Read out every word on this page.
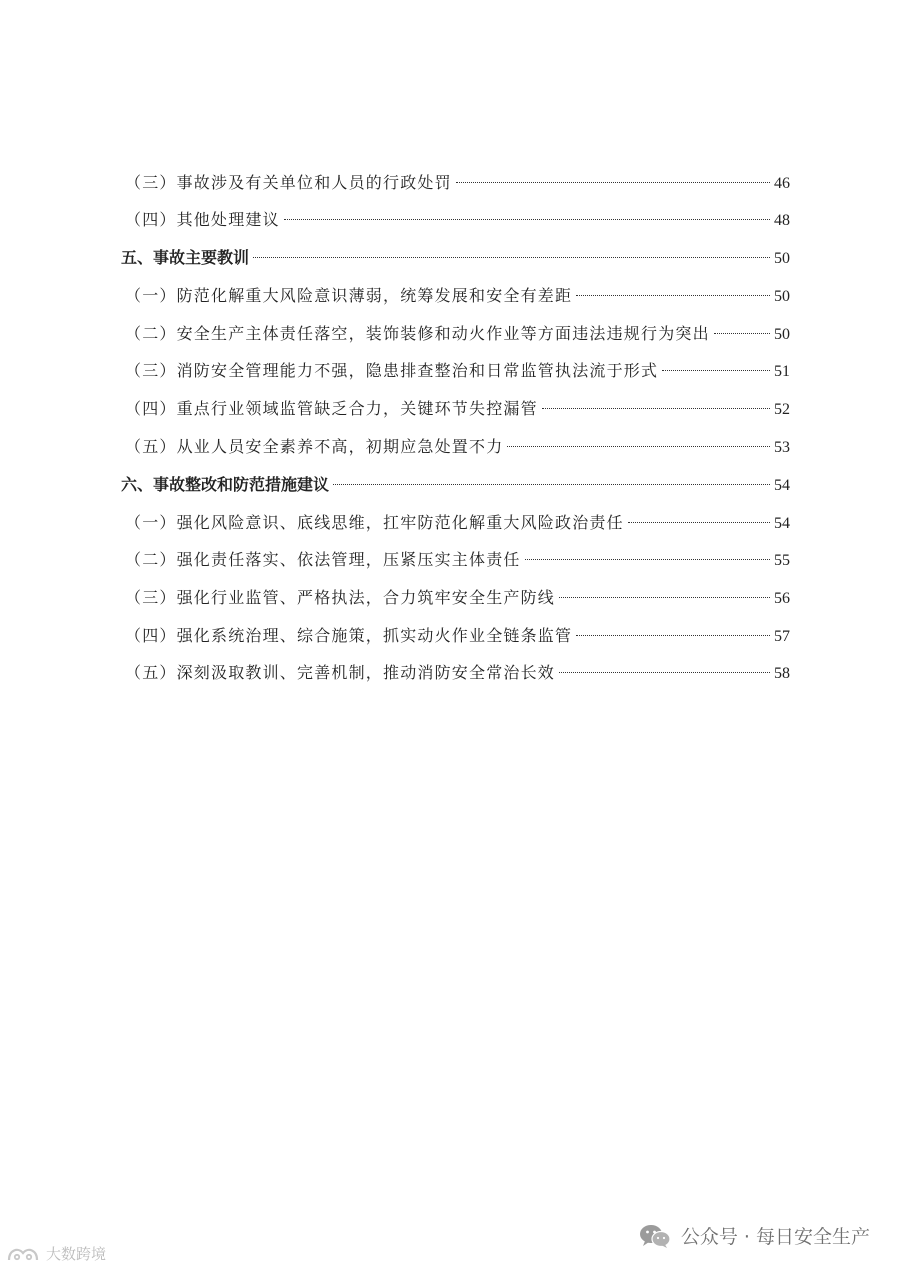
（三）事故涉及有关单位和人员的行政处罚	46
（四）其他处理建议	48
五、事故主要教训	50
（一）防范化解重大风险意识薄弱，统筹发展和安全有差距	50
（二）安全生产主体责任落空，装饰装修和动火作业等方面违法违规行为突出	50
（三）消防安全管理能力不强，隐患排查整治和日常监管执法流于形式	51
（四）重点行业领域监管缺乏合力，关键环节失控漏管	52
（五）从业人员安全素养不高，初期应急处置不力	53
六、事故整改和防范措施建议	54
（一）强化风险意识、底线思维，扛牢防范化解重大风险政治责任	54
（二）强化责任落实、依法管理，压紧压实主体责任	55
（三）强化行业监管、严格执法，合力筑牢安全生产防线	56
（四）强化系统治理、综合施策，抓实动火作业全链条监管	57
（五）深刻汲取教训、完善机制，推动消防安全常治长效	58
公众号 · 每日安全生产
大数跨境
